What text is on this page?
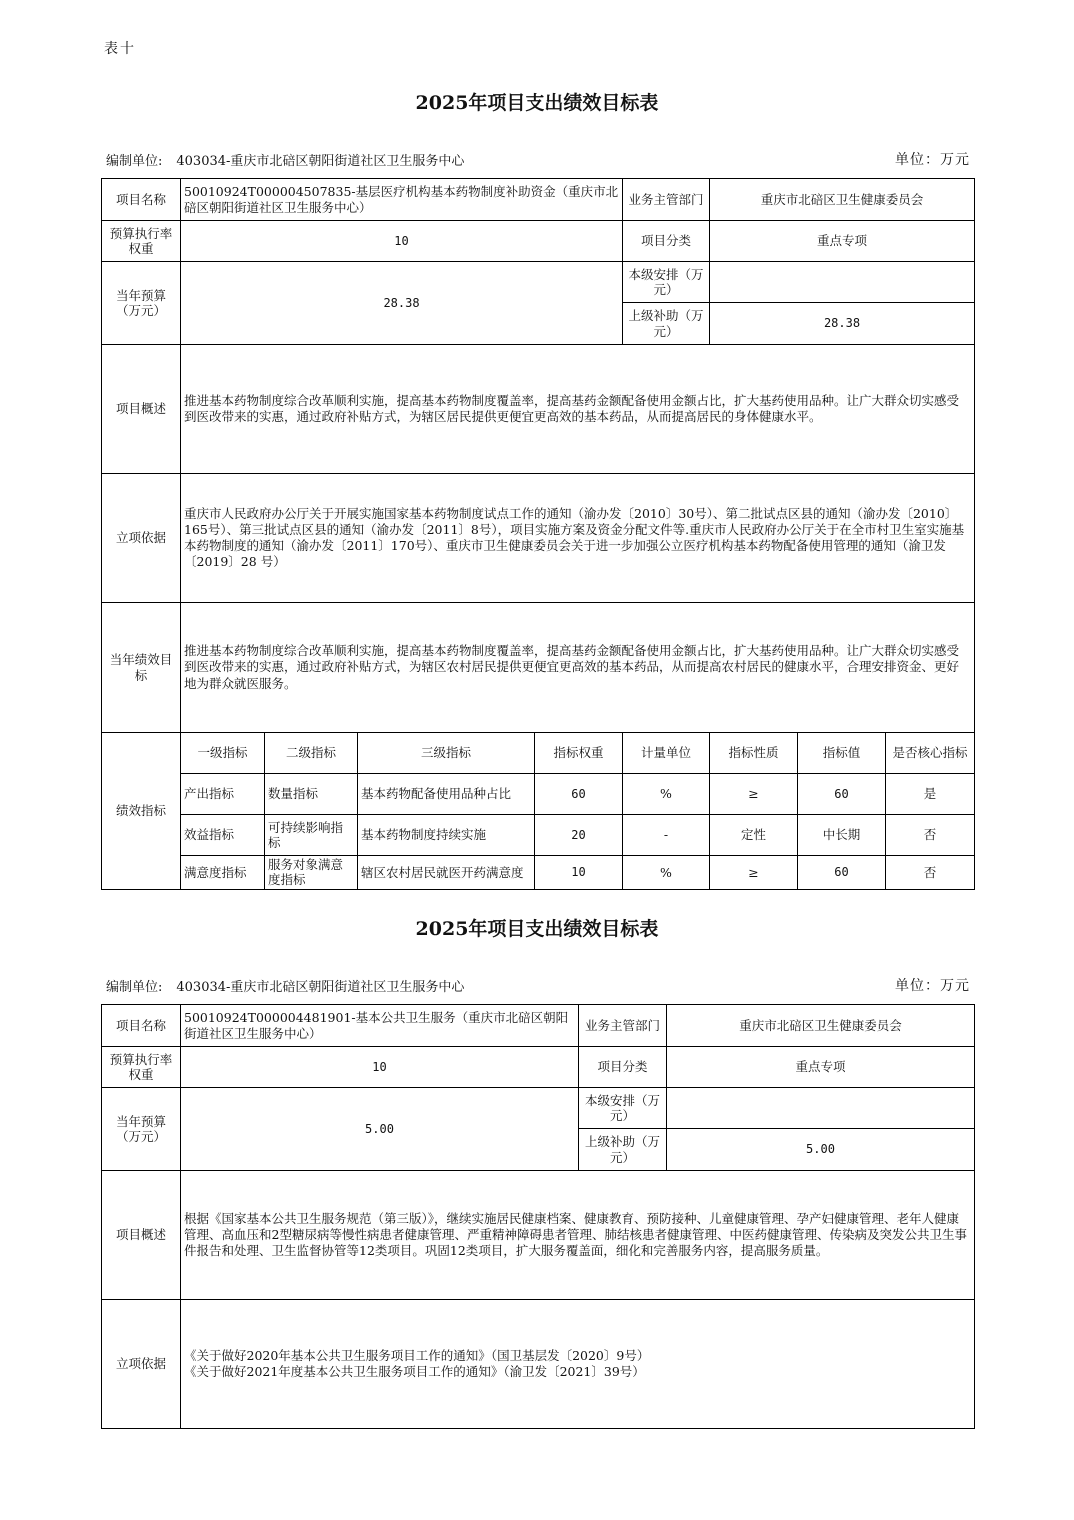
表十
2025年项目支出绩效目标表
编制单位: 403034-重庆市北碚区朝阳街道社区卫生服务中心	单位：万元
项目名称	50010924T000004507835-基层医疗机构基本药物制度补助资金（重庆市北碚区朝阳街道社区卫生服务中心）				业务主管部门	重庆市北碚区卫生健康委员会		
预算执行率权重	10				项目分类	重点专项		
当年预算（万元）	28.38				本级安排（万元）			
					上级补助（万元）	28.38		
项目概述	推进基本药物制度综合改革顺利实施，提高基本药物制度覆盖率，提高基药金额配备使用金额占比，扩大基药使用品种。让广大群众切实感受到医改带来的实惠，通过政府补贴方式，为辖区居民提供更便宜更高效的基本药品，从而提高居民的身体健康水平。							
立项依据	重庆市人民政府办公厅关于开展实施国家基本药物制度试点工作的通知（渝办发〔2010〕30号）、第二批试点区县的通知（渝办发〔2010〕165号）、第三批试点区县的通知（渝办发〔2011〕8号），项目实施方案及资金分配文件等.重庆市人民政府办公厅关于在全市村卫生室实施基本药物制度的通知（渝办发〔2011〕170号）、重庆市卫生健康委员会关于进一步加强公立医疗机构基本药物配备使用管理的通知（渝卫发〔2019〕28 号）							
当年绩效目标	推进基本药物制度综合改革顺利实施，提高基本药物制度覆盖率，提高基药金额配备使用金额占比，扩大基药使用品种。让广大群众切实感受到医改带来的实惠，通过政府补贴方式，为辖区农村居民提供更便宜更高效的基本药品，从而提高农村居民的健康水平，合理安排资金、更好地为群众就医服务。							
绩效指标	一级指标	二级指标	三级指标	指标权重	计量单位	指标性质	指标值	是否核心指标
	产出指标	数量指标	基本药物配备使用品种占比	60	%	≥	60	是
	效益指标	可持续影响指标	基本药物制度持续实施	20	-	定性	中长期	否
	满意度指标	服务对象满意度指标	辖区农村居民就医开药满意度	10	%	≥	60	否
2025年项目支出绩效目标表
编制单位: 403034-重庆市北碚区朝阳街道社区卫生服务中心	单位：万元
项目名称	50010924T000004481901-基本公共卫生服务（重庆市北碚区朝阳街道社区卫生服务中心）	业务主管部门	重庆市北碚区卫生健康委员会
预算执行率权重	10	项目分类	重点专项
当年预算（万元）	5.00	本级安排（万元）	
		上级补助（万元）	5.00
项目概述	根据《国家基本公共卫生服务规范（第三版）》，继续实施居民健康档案、健康教育、预防接种、儿童健康管理、孕产妇健康管理、老年人健康管理、高血压和2型糖尿病等慢性病患者健康管理、严重精神障碍患者管理、肺结核患者健康管理、中医药健康管理、传染病及突发公共卫生事件报告和处理、卫生监督协管等12类项目。巩固12类项目，扩大服务覆盖面，细化和完善服务内容，提高服务质量。		
立项依据	《关于做好2020年基本公共卫生服务项目工作的通知》（国卫基层发〔2020〕9号）
《关于做好2021年度基本公共卫生服务项目工作的通知》（渝卫发〔2021〕39号）		
